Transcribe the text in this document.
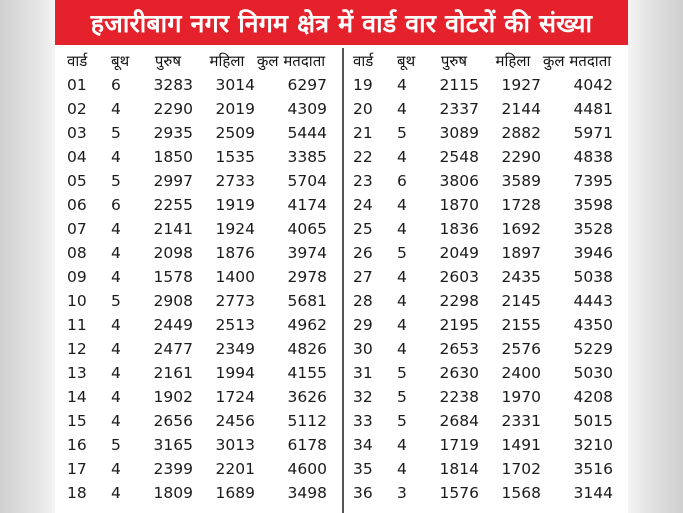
हजारीबाग नगर निगम क्षेत्र में वार्ड वार वोटरों की संख्या
वार्ड	बूथ	पुरुष	महिला कुल मतदाता
01	6	3283	3014	6297
02	4	2290	2019	4309
03	5	2935	2509	5444
04	4	1850	1535	3385
05	5	2997	2733	5704
06	6	2255	1919	4174
07	4	2141	1924	4065
08	4	2098	1876	3974
09	4	1578	1400	2978
10	5	2908	2773	5681
11	4	2449	2513	4962
12	4	2477	2349	4826
13	4	2161	1994	4155
14	4	1902	1724	3626
15	4	2656	2456	5112
16	5	3165	3013	6178
17	4	2399	2201	4600
18	4	1809	1689	3498
वार्ड	बूथ	पुरुष	महिला कुल मतदाता
19	4	2115	1927	4042
20	4	2337	2144	4481
21	5	3089	2882	5971
22	4	2548	2290	4838
23	6	3806	3589	7395
24	4	1870	1728	3598
25	4	1836	1692	3528
26	5	2049	1897	3946
27	4	2603	2435	5038
28	4	2298	2145	4443
29	4	2195	2155	4350
30	4	2653	2576	5229
31	5	2630	2400	5030
32	5	2238	1970	4208
33	5	2684	2331	5015
34	4	1719	1491	3210
35	4	1814	1702	3516
36	3	1576	1568	3144
